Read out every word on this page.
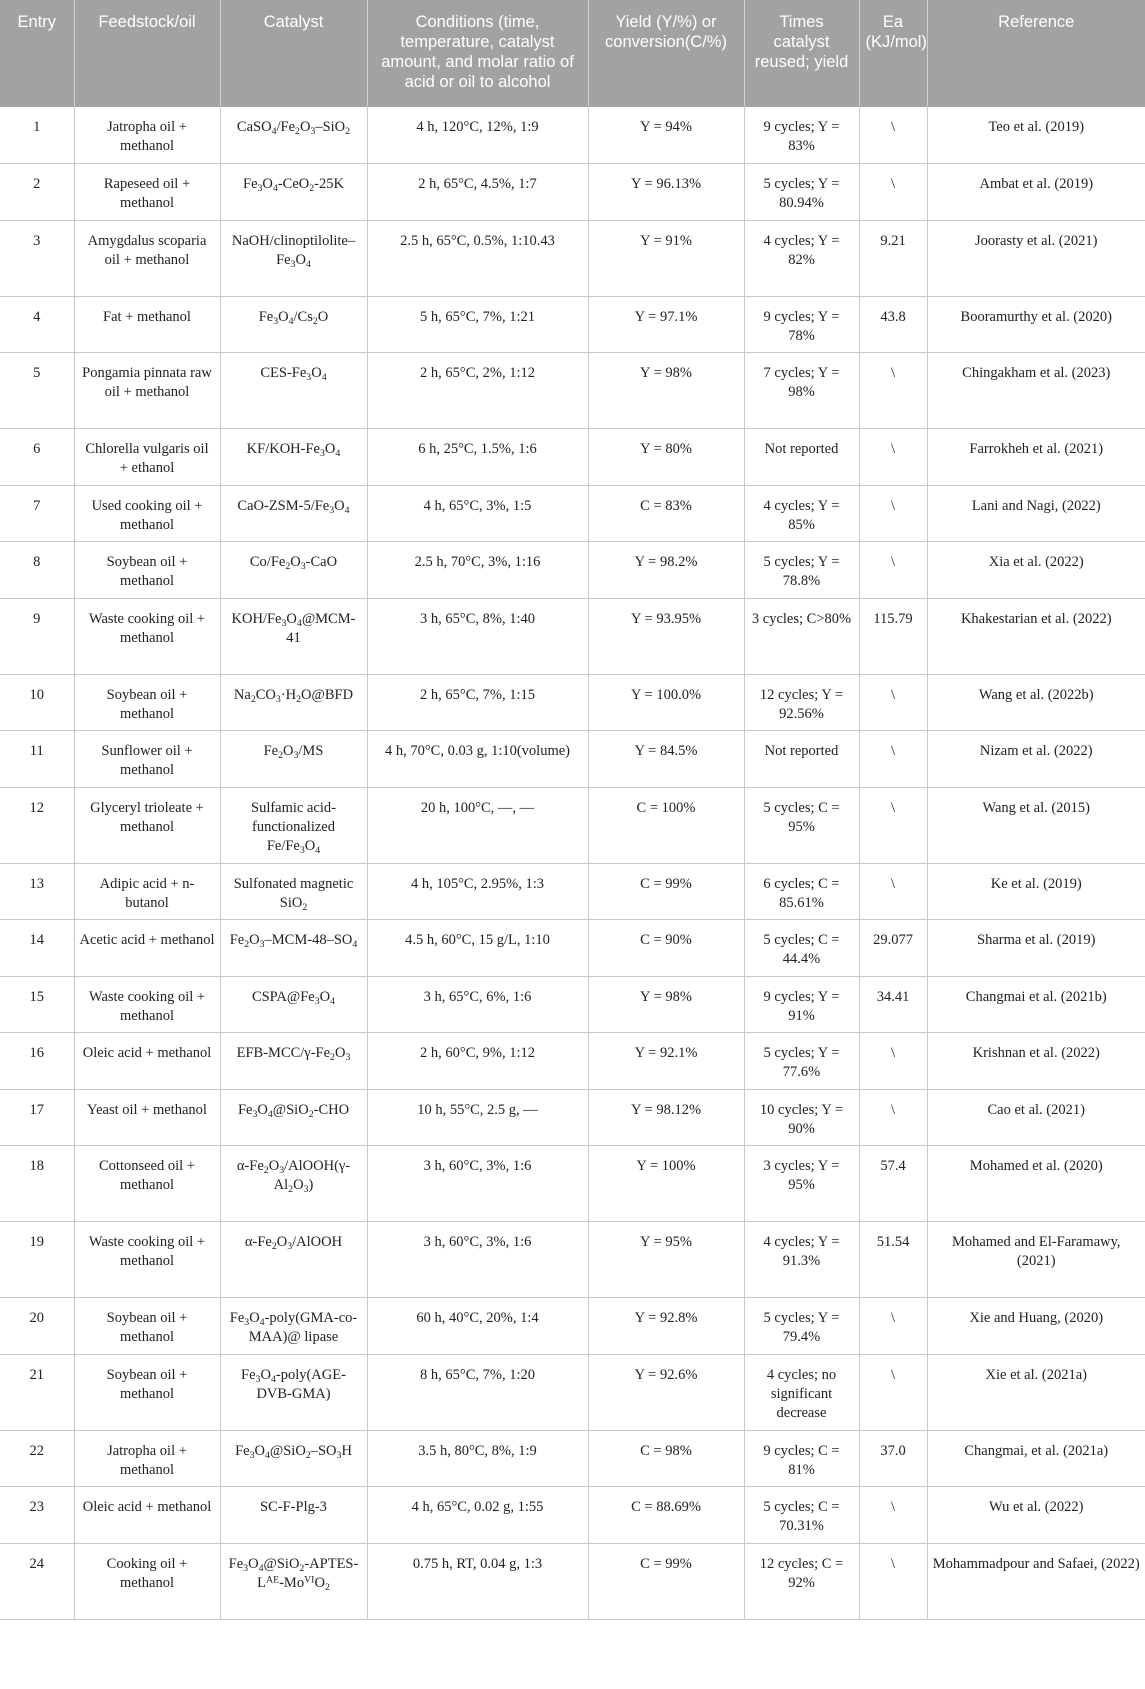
Entry	Feedstock/oil	Catalyst	Conditions (time, temperature, catalyst amount, and molar ratio of acid or oil to alcohol	Yield (Y/%) or conversion(C/%)	Times catalyst reused; yield	Ea (KJ/mol)	Reference
1	Jatropha oil + methanol	$CaSO_4/Fe_2O_3-SiO_2$	4 h, 120°C, 12%, 1:9	Y = 94%	9 cycles; Y = 83%	\	Teo et al. (2019)
2	Rapeseed oil + methanol	$Fe_3O_4-CeO_2-25K$	2 h, 65°C, 4.5%, 1:7	Y = 96.13%	5 cycles; Y = 80.94%	\	Ambat et al. (2019)
3	Amygdalus scoparia oil + methanol	NaOH/$clinoptilolite-Fe_3O_4$	2.5 h, 65°C, 0.5%, 1:10.43	Y = 91%	4 cycles; Y = 82%	9.21	Joorasty et al. (2021)
4	Fat + methanol	$Fe_3O_4/Cs_2O$	5 h, 65°C, 7%, 1:21	Y = 97.1%	9 cycles; Y = 78%	43.8	Booramurthy et al. (2020)
5	Pongamia pinnata raw oil + methanol	CES-$Fe_3O_4$	2 h, 65°C, 2%, 1:12	Y = 98%	7 cycles; Y = 98%	\	Chingakham et al. (2023)
6	Chlorella vulgaris oil + ethanol	$KF/KOH-Fe_3O_4$	6 h, 25°C, 1.5%, 1:6	Y = 80%	Not reported	\	Farrokheh et al. (2021)
7	Used cooking oil + methanol	CaO-$ZSM-5/Fe_3O_4$	4 h, 65°C, 3%, 1:5	C = 83%	4 cycles; Y = 85%	\	Lani and Nagi, (2022)
8	Soybean oil + methanol	$Co/Fe_2O_3$-CaO	2.5 h, 70°C, 3%, 1:16	Y = 98.2%	5 cycles; Y = 78.8%	\	Xia et al. (2022)
9	Waste cooking oil + methanol	KOH/$Fe_3O_4@MCM-41$	3 h, 65°C, 8%, 1:40	Y = 93.95%	3 cycles; C>80%	115.79	Khakestarian et al. (2022)
10	Soybean oil + methanol	$Na_2CO_3\cdot H_2O@BFD$	2 h, 65°C, 7%, 1:15	Y = 100.0%	12 cycles; Y = 92.56%	\	Wang et al. (2022b)
11	Sunflower oil + methanol	$Fe_2O_3/MS$	4 h, 70°C, 0.03 g, 1:10(volume)	Y = 84.5%	Not reported	\	Nizam et al. (2022)
12	Glyceryl trioleate + methanol	Sulfamic acid-functionalized $Fe/Fe_3O_4$	20 h, 100°C, —, —	C = 100%	5 cycles; C = 95%	\	Wang et al. (2015)
13	Adipic acid + n-butanol	Sulfonated magnetic SiO$_2$	4 h, 105°C, 2.95%, 1:3	C = 99%	6 cycles; C = 85.61%	\	Ke et al. (2019)
14	Acetic acid + methanol	$Fe_2O_3-MCM-48-SO_4$	4.5 h, 60°C, 15 g/L, 1:10	C = 90%	5 cycles; C = 44.4%	29.077	Sharma et al. (2019)
15	Waste cooking oil + methanol	$CSPA@Fe_3O_4$	3 h, 65°C, 6%, 1:6	Y = 98%	9 cycles; Y = 91%	34.41	Changmai et al. (2021b)
16	Oleic acid + methanol	EFB-$MCC/\gamma-Fe_2O_3$	2 h, 60°C, 9%, 1:12	Y = 92.1%	5 cycles; Y = 77.6%	\	Krishnan et al. (2022)
17	Yeast oil + methanol	$Fe_3O_4@SiO_2$-CHO	10 h, 55°C, 2.5 g, —	Y = 98.12%	10 cycles; Y = 90%	\	Cao et al. (2021)
18	Cottonseed oil + methanol	$\alpha-Fe_2O_3/AlOOH(\gamma-Al_2O_3)$	3 h, 60°C, 3%, 1:6	Y = 100%	3 cycles; Y = 95%	57.4	Mohamed et al. (2020)
19	Waste cooking oil + methanol	$\alpha-Fe_2O_3$/AlOOH	3 h, 60°C, 3%, 1:6	Y = 95%	4 cycles; Y = 91.3%	51.54	Mohamed and El-Faramawy, (2021)
20	Soybean oil + methanol	$Fe_3O_4-poly(GMA-co-MAA)@$ lipase	60 h, 40°C, 20%, 1:4	Y = 92.8%	5 cycles; Y = 79.4%	\	Xie and Huang, (2020)
21	Soybean oil + methanol	$Fe_3O_4-poly(AGE-DVB-GMA)$	8 h, 65°C, 7%, 1:20	Y = 92.6%	4 cycles; no significant decrease	\	Xie et al. (2021a)
22	Jatropha oil + methanol	$Fe_3O_4@SiO_2-SO_3H$	3.5 h, 80°C, 8%, 1:9	C = 98%	9 cycles; C = 81%	37.0	Changmai, et al. (2021a)
23	Oleic acid + methanol	SC-F-Plg-3	4 h, 65°C, 0.02 g, 1:55	C = 88.69%	5 cycles; C = 70.31%	\	Wu et al. (2022)
24	Cooking oil + methanol	$Fe_3O_4@SiO_2-APTES-L^{AE}-Mo^{VI}O_2$	0.75 h, RT, 0.04 g, 1:3	C = 99%	12 cycles; C = 92%	\	Mohammadpour and Safaei, (2022)
